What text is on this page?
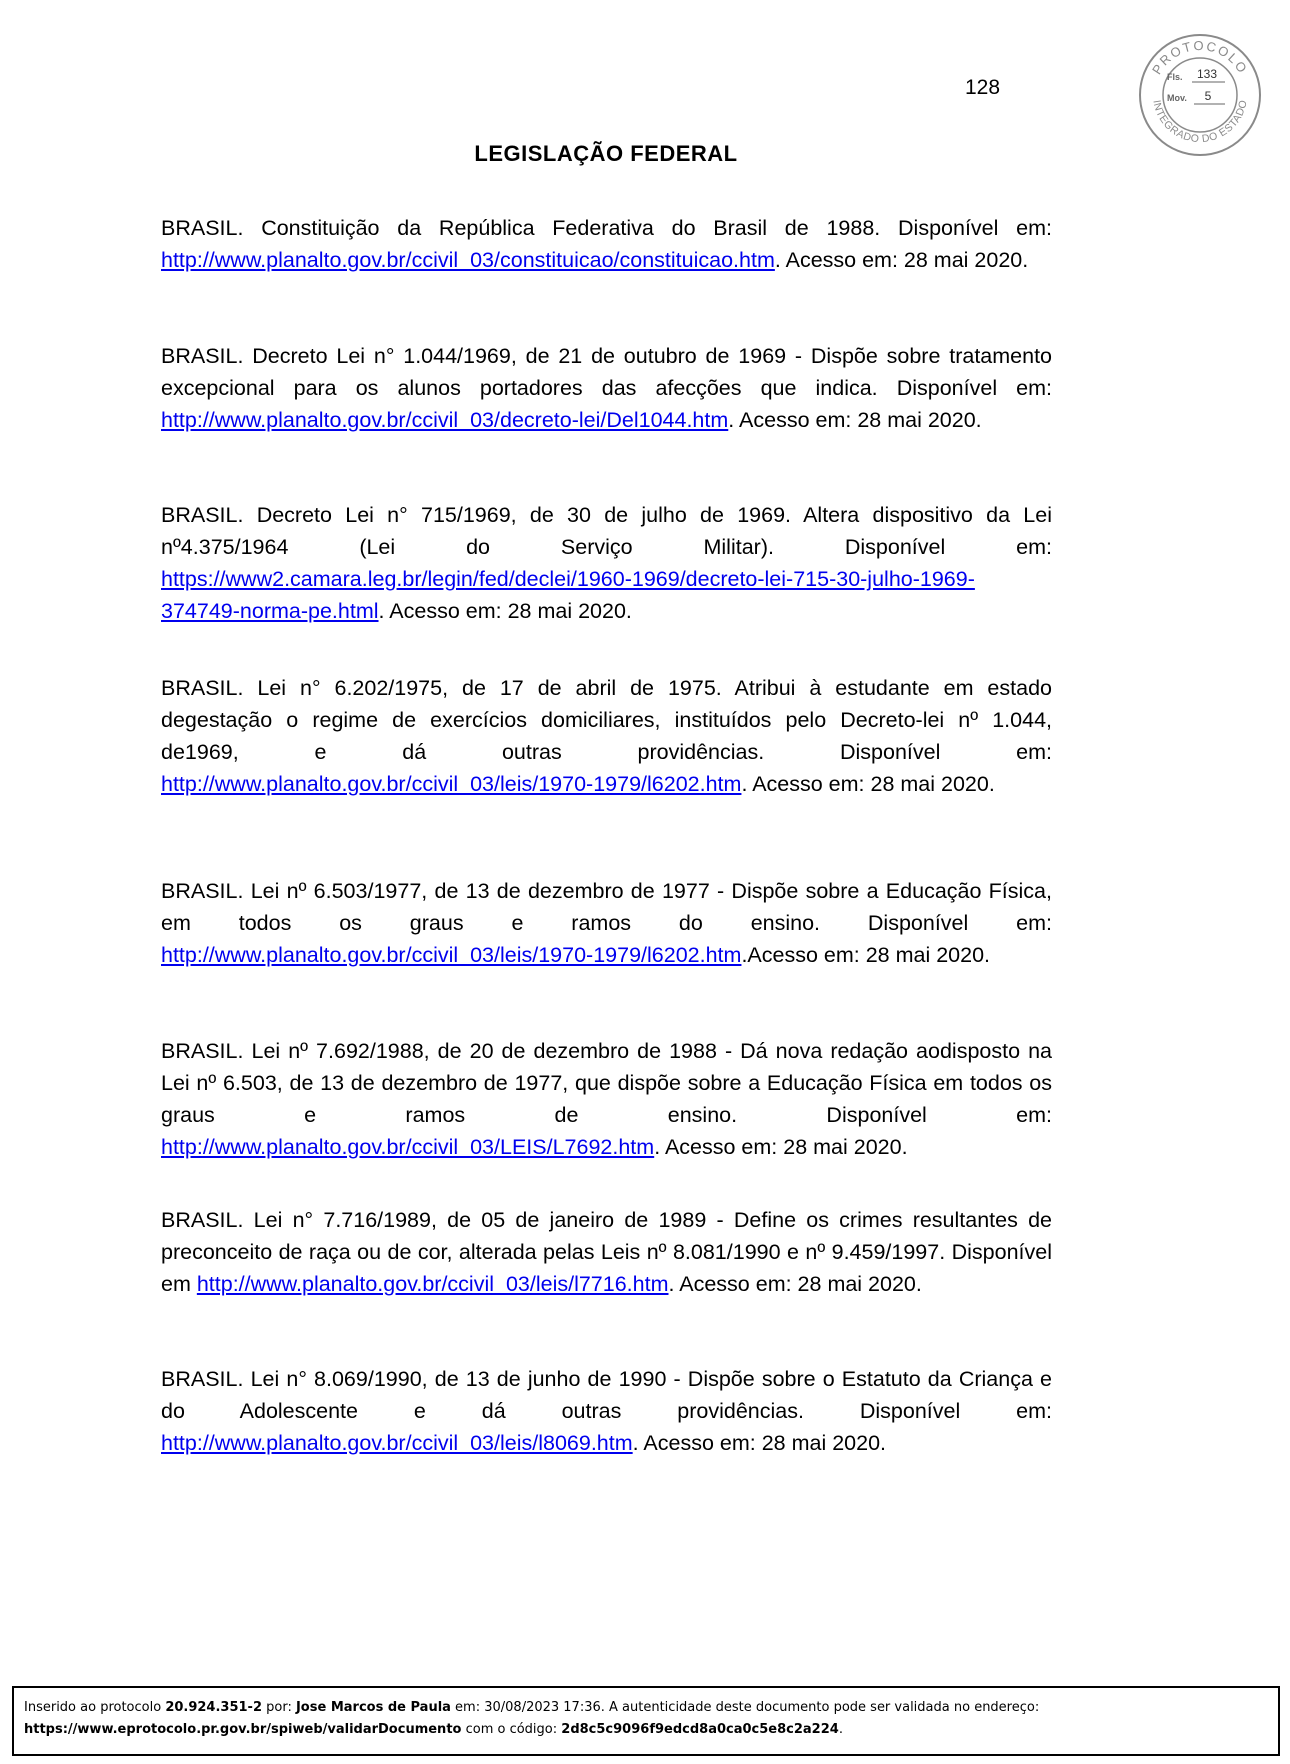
128
PROTOCOLO
INTEGRADO DO ESTADO
Fls. 133
Mov. 5
LEGISLAÇÃO FEDERAL

BRASIL. Constituição da República Federativa do Brasil de 1988. Disponível em: http://www.planalto.gov.br/ccivil_03/constituicao/constituicao.htm. Acesso em: 28 mai 2020.

BRASIL. Decreto Lei n° 1.044/1969, de 21 de outubro de 1969 - Dispõe sobre tratamento excepcional para os alunos portadores das afecções que indica. Disponível em: http://www.planalto.gov.br/ccivil_03/decreto-lei/Del1044.htm. Acesso em: 28 mai 2020.

BRASIL. Decreto Lei n° 715/1969, de 30 de julho de 1969. Altera dispositivo da Lei nº4.375/1964 (Lei do Serviço Militar). Disponível em: https://www2.camara.leg.br/legin/fed/declei/1960-1969/decreto-lei-715-30-julho-1969-374749-norma-pe.html. Acesso em: 28 mai 2020.

BRASIL. Lei n° 6.202/1975, de 17 de abril de 1975. Atribui à estudante em estado degestação o regime de exercícios domiciliares, instituídos pelo Decreto-lei nº 1.044, de1969, e dá outras providências. Disponível em: http://www.planalto.gov.br/ccivil_03/leis/1970-1979/l6202.htm. Acesso em: 28 mai 2020.

BRASIL. Lei nº 6.503/1977, de 13 de dezembro de 1977 - Dispõe sobre a Educação Física, em todos os graus e ramos do ensino. Disponível em: http://www.planalto.gov.br/ccivil_03/leis/1970-1979/l6202.htm.Acesso em: 28 mai 2020.

BRASIL. Lei nº 7.692/1988, de 20 de dezembro de 1988 - Dá nova redação aodisposto na Lei nº 6.503, de 13 de dezembro de 1977, que dispõe sobre a Educação Física em todos os graus e ramos de ensino. Disponível em: http://www.planalto.gov.br/ccivil_03/LEIS/L7692.htm. Acesso em: 28 mai 2020.

BRASIL. Lei n° 7.716/1989, de 05 de janeiro de 1989 - Define os crimes resultantes de preconceito de raça ou de cor, alterada pelas Leis nº 8.081/1990 e nº 9.459/1997. Disponível em http://www.planalto.gov.br/ccivil_03/leis/l7716.htm. Acesso em: 28 mai 2020.

BRASIL. Lei n° 8.069/1990, de 13 de junho de 1990 - Dispõe sobre o Estatuto da Criança e do Adolescente e dá outras providências. Disponível em: http://www.planalto.gov.br/ccivil_03/leis/l8069.htm. Acesso em: 28 mai 2020.

Inserido ao protocolo 20.924.351-2 por: Jose Marcos de Paula em: 30/08/2023 17:36. A autenticidade deste documento pode ser validada no endereço: https://www.eprotocolo.pr.gov.br/spiweb/validarDocumento com o código: 2d8c5c9096f9edcd8a0ca0c5e8c2a224.
